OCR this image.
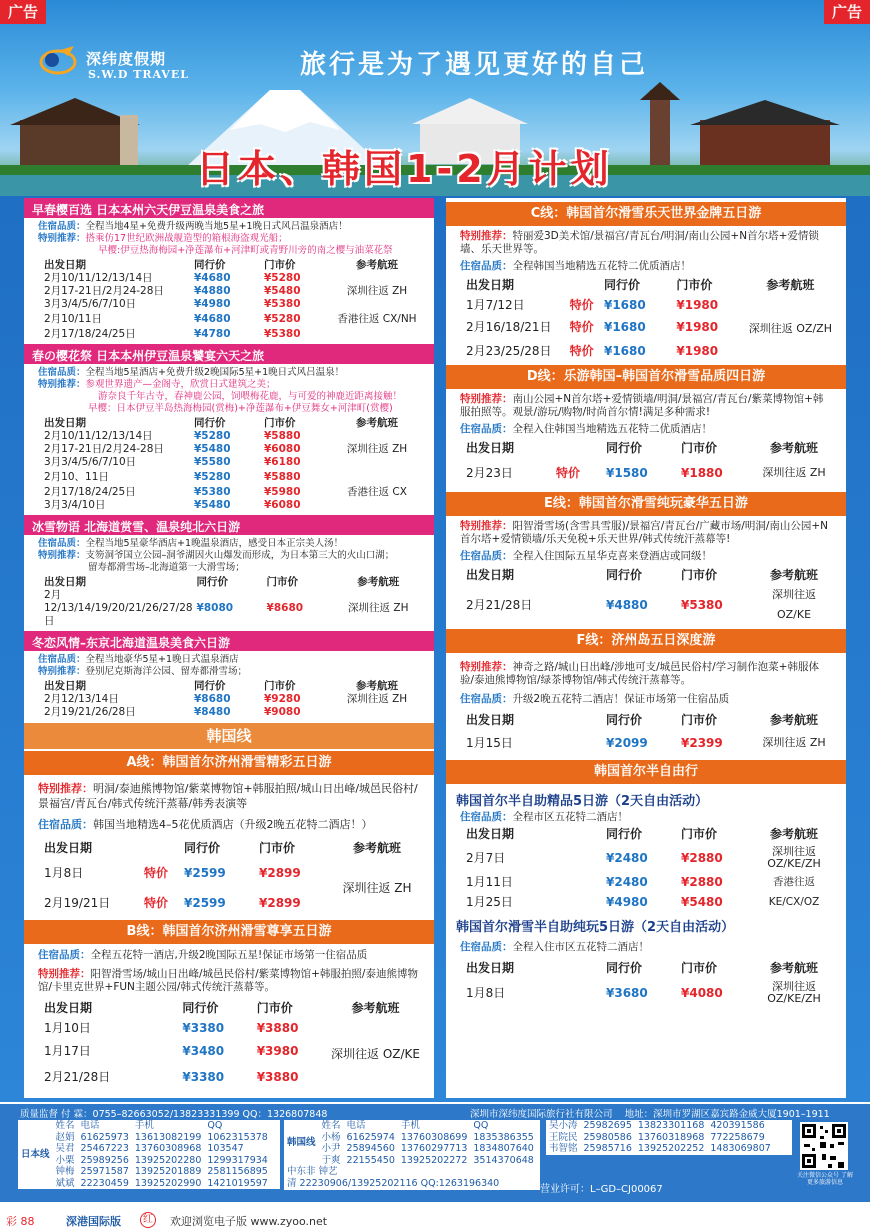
深纬度假期
S.W.D TRAVEL	旅行是为了遇见更好的自己
日本、韩国1-2月计划
广告	广告
早春樱百选 日本本州六天伊豆温泉美食之旅
住宿品质：全程当地4星+免费升级两晚当地5星+1晚日式风吕温泉酒店！
特别推荐：搭乘仿17世纪欧洲战舰造型的箱根海盗观光船；
早樱:伊豆热海梅园+净莲瀑布+河津町或青野川旁的南之樱与油菜花祭
出发日期	同行价	门市价	参考航班
2月10/11/12/13/14日	¥4680	¥5280	
2月17-21日/2月24-28日	¥4880	¥5480	深圳往返 ZH
3月3/4/5/6/7/10日	¥4980	¥5380	
2月10/11日	¥4680	¥5280	香港往返 CX/NH
2月17/18/24/25日	¥4780	¥5380	
春の樱花祭 日本本州伊豆温泉饕宴六天之旅
住宿品质：全程当地5星酒店+免费升级2晚国际5星+1晚日式风吕温泉！
特别推荐：参观世界遗产—金阁寺，欣赏日式建筑之美；
游奈良千年古寺，春神鹿公园，饲喂梅花鹿，与可爱的神鹿近距离接触！
早樱：日本伊豆半岛热海梅园(赏梅)+净莲瀑布+伊豆舞女+河津町(赏樱)
出发日期	同行价	门市价	参考航班
2月10/11/12/13/14日	¥5280	¥5880	
2月17-21日/2月24-28日	¥5480	¥6080	深圳往返 ZH
3月3/4/5/6/7/10日	¥5580	¥6180	
2月10、11日	¥5280	¥5880	
2月17/18/24/25日	¥5380	¥5980	香港往返 CX
3月3/4/10日	¥5480	¥6080	
冰雪物语 北海道赏雪、温泉纯北六日游
住宿品质：全程当地5星豪华酒店+1晚温泉酒店，感受日本正宗美人汤！
特别推荐：支笏洞爷国立公园–洞爷湖因火山爆发而形成，为日本第三大的火山口湖；
留寿都滑雪场–北海道第一大滑雪场；
出发日期	同行价	门市价	参考航班
2月12/13/14/19/20/21/26/27/28日	¥8080	¥8680	深圳往返 ZH
冬恋风情–东京北海道温泉美食六日游
住宿品质：全程当地豪华5星+1晚日式温泉酒店
特别推荐：登别尼克斯海洋公园、留寿都滑雪场；
出发日期	同行价	门市价	参考航班
2月12/13/14日	¥8680	¥9280	深圳往返 ZH
2月19/21/26/28日	¥8480	¥9080	
韩国线
A线：韩国首尔济州滑雪精彩五日游
特别推荐：明洞/泰迪熊博物馆/紫菜博物馆+韩服拍照/城山日出峰/城邑民俗村/景福宫/青瓦台/韩式传统汗蒸幕/韩秀表演等
住宿品质：韩国当地精选4–5花优质酒店（升级2晚五花特二酒店！）
出发日期		同行价	门市价	参考航班
1月8日	特价	¥2599	¥2899	深圳往返 ZH
2月19/21日	特价	¥2599	¥2899	
B线：韩国首尔济州滑雪尊享五日游
住宿品质：全程五花特一酒店,升级2晚国际五星!保证市场第一住宿品质
特别推荐：阳智滑雪场/城山日出峰/城邑民俗村/紫菜博物馆+韩服拍照/泰迪熊博物馆/卡里克世界+FUN主题公园/韩式传统汗蒸幕等。
出发日期	同行价	门市价	参考航班
1月10日	¥3380	¥3880	深圳往返 OZ/KE
1月17日	¥3480	¥3980	
2月21/28日	¥3380	¥3880	
C线：韩国首尔滑雪乐天世界金牌五日游
特别推荐：特丽爱3D美术馆/景福宫/青瓦台/明洞/南山公园+N首尔塔+爱情锁墙、乐天世界等。
住宿品质：全程韩国当地精选五花特二优质酒店！
出发日期		同行价	门市价	参考航班
1月7/12日	特价	¥1680	¥1980	深圳往返 OZ/ZH
2月16/18/21日	特价	¥1680	¥1980	
2月23/25/28日	特价	¥1680	¥1980	
D线：乐游韩国–韩国首尔滑雪品质四日游
特别推荐：南山公园+N首尔塔+爱情锁墙/明洞/景福宫/青瓦台/紫菜博物馆+韩服拍照等。观景/游玩/购物/时尚首尔情!满足多种需求!
住宿品质：全程入住韩国当地精选五花特二优质酒店！
出发日期		同行价	门市价	参考航班
2月23日	特价	¥1580	¥1880	深圳往返 ZH
E线：韩国首尔滑雪纯玩豪华五日游
特别推荐：阳智滑雪场(含雪具雪服)/景福宫/青瓦台/广藏市场/明洞/南山公园+N首尔塔+爱情锁墙/乐天免税+乐天世界/韩式传统汗蒸幕等!
住宿品质：全程入住国际五星华克喜来登酒店或同级！
出发日期	同行价	门市价	参考航班
2月21/28日	¥4880	¥5380	深圳往返 OZ/KE
F线：济州岛五日深度游
特别推荐：神奇之路/城山日出峰/涉地可支/城邑民俗村/学习制作泡菜+韩服体验/泰迪熊博物馆/绿茶博物馆/韩式传统汗蒸幕等。
住宿品质：升级2晚五花特二酒店！保证市场第一住宿品质
出发日期	同行价	门市价	参考航班
1月15日	¥2099	¥2399	深圳往返 ZH
韩国首尔半自由行
韩国首尔半自助精品5日游（2天自由活动）
住宿品质：全程市区五花特二酒店！
出发日期	同行价	门市价	参考航班
2月7日	¥2480	¥2880	深圳往返 OZ/KE/ZH
1月11日	¥2480	¥2880	香港往返
1月25日	¥4980	¥5480	KE/CX/OZ
韩国首尔滑雪半自助纯玩5日游（2天自由活动）
住宿品质：全程入住市区五花特二酒店！
出发日期	同行价	门市价	参考航班
1月8日	¥3680	¥4080	深圳往返 OZ/KE/ZH
质量监督 付 霖：0755–82663052/13823331399 QQ：1326807848	深圳市深纬度国际旅行社有限公司 地址：深圳市罗湖区嘉宾路金威大厦1901–1911
日本线	姓名	电话	手机	QQ
	赵娟	61625973	13613082199	1062315378
	吴君	25467223	13760308968	103547
	小栗	25989256	13925202280	1299317934
	钟梅	25971587	13925201889	2581156895
	斌斌	22230459	13925202990	1421019597
韩国线	姓名	电话	手机	QQ
	小杨	61625974	13760308699	1835386355
	小尹	25894560	13760297713	1834807640
	于爽	22155450	13925202272	3514370648
中东非 钟艺清 22230906/13925202116 QQ:1263196340
吴小涛	25982695	13823301168	420391586
王院民	25980586	13760318968	772258679
韦智铭	25985716	13925202252	1483069807
营业许可：L–GD–CJ00067
关注微信公众号 了解更多旅游信息
彩 88	深港国际版	红 欢迎浏览电子版 www.zyoo.net
